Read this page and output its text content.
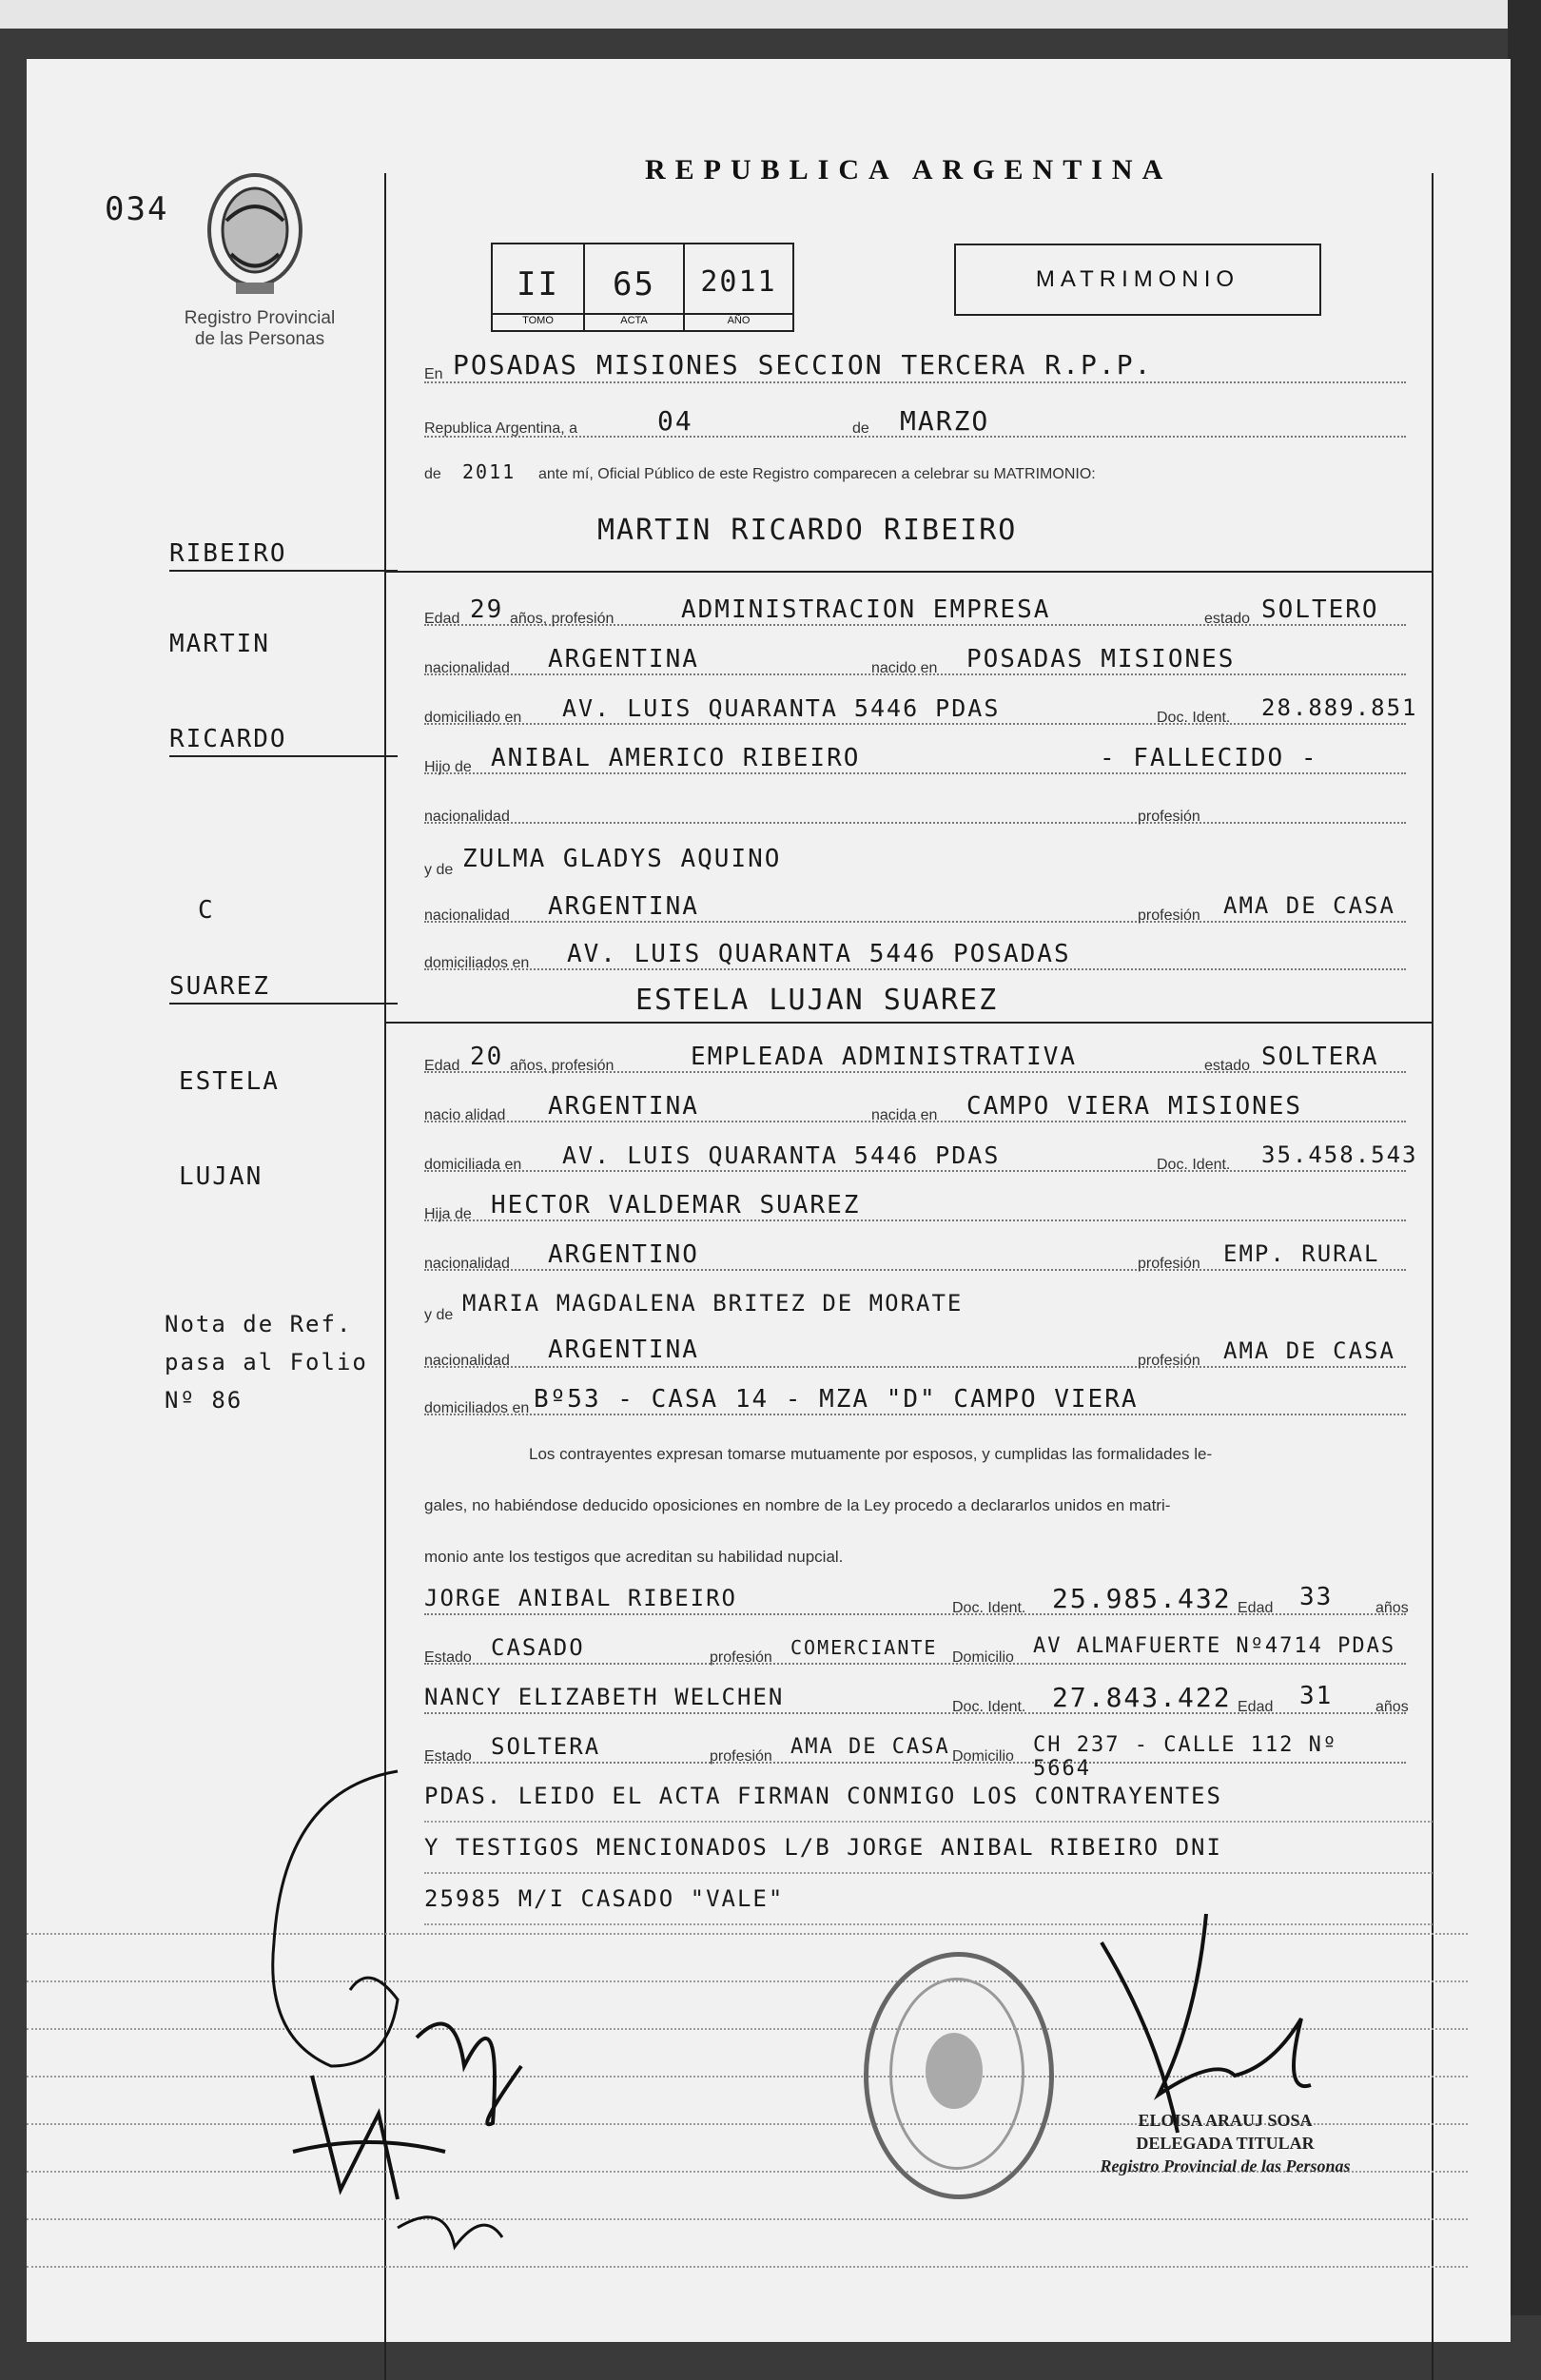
034
Registro Provincial
de las Personas
REPUBLICA ARGENTINA
II	65	2011
TOMO	ACTA	AÑO
MATRIMONIO
En POSADAS MISIONES SECCION TERCERA R.P.P.
Republica Argentina, a	04	de MARZO
de 2011 ante mí, Oficial Público de este Registro comparecen a celebrar su MATRIMONIO:
RIBEIRO
MARTIN
RICARDO
C
SUAREZ
ESTELA
LUJAN
Nota de Ref.
pasa al Folio
Nº 86
MARTIN RICARDO RIBEIRO
Edad 29 años, profesión	ADMINISTRACION EMPRESA	estado SOLTERO
nacionalidad ARGENTINA	nacido en POSADAS MISIONES
domiciliado en AV. LUIS QUARANTA 5446 PDAS	Doc. Ident. 28.889.851
Hijo de ANIBAL AMERICO RIBEIRO	- FALLECIDO -
nacionalidad	profesión
y de ZULMA GLADYS AQUINO
nacionalidad ARGENTINA	profesión AMA DE CASA
domiciliados en AV. LUIS QUARANTA 5446 POSADAS
ESTELA LUJAN SUAREZ
Edad 20 años, profesión	EMPLEADA ADMINISTRATIVA	estado SOLTERA
nacio alidad ARGENTINA	nacida en CAMPO VIERA MISIONES
domiciliada en AV. LUIS QUARANTA 5446 PDAS	Doc. Ident. 35.458.543
Hija de HECTOR VALDEMAR SUAREZ
nacionalidad ARGENTINO	profesión EMP. RURAL
y de MARIA MAGDALENA BRITEZ DE MORATE
nacionalidad ARGENTINA	profesión AMA DE CASA
domiciliados en Bº53 - CASA 14 - MZA "D" CAMPO VIERA
Los contrayentes expresan tomarse mutuamente por esposos, y cumplidas las formalidades le-
gales, no habiéndose deducido oposiciones en nombre de la Ley procedo a declararlos unidos en matri-
monio ante los testigos que acreditan su habilidad nupcial.
JORGE ANIBAL RIBEIRO	Doc. Ident. 25.985.432 Edad 33	años
Estado CASADO	profesión COMERCIANTE Domicilio AV ALMAFUERTE Nº4714 PDAS
NANCY ELIZABETH WELCHEN	Doc. Ident. 27.843.422 Edad 31	años
Estado SOLTERA	profesión AMA DE CASA Domicilio CH 237 - CALLE 112 Nº 5664
PDAS. LEIDO EL ACTA FIRMAN CONMIGO LOS CONTRAYENTES
Y TESTIGOS MENCIONADOS L/B JORGE ANIBAL RIBEIRO DNI
25985 M/I CASADO "VALE"
ELOISA ARAUJ SOSA
DELEGADA TITULAR
Registro Provincial de las Personas
